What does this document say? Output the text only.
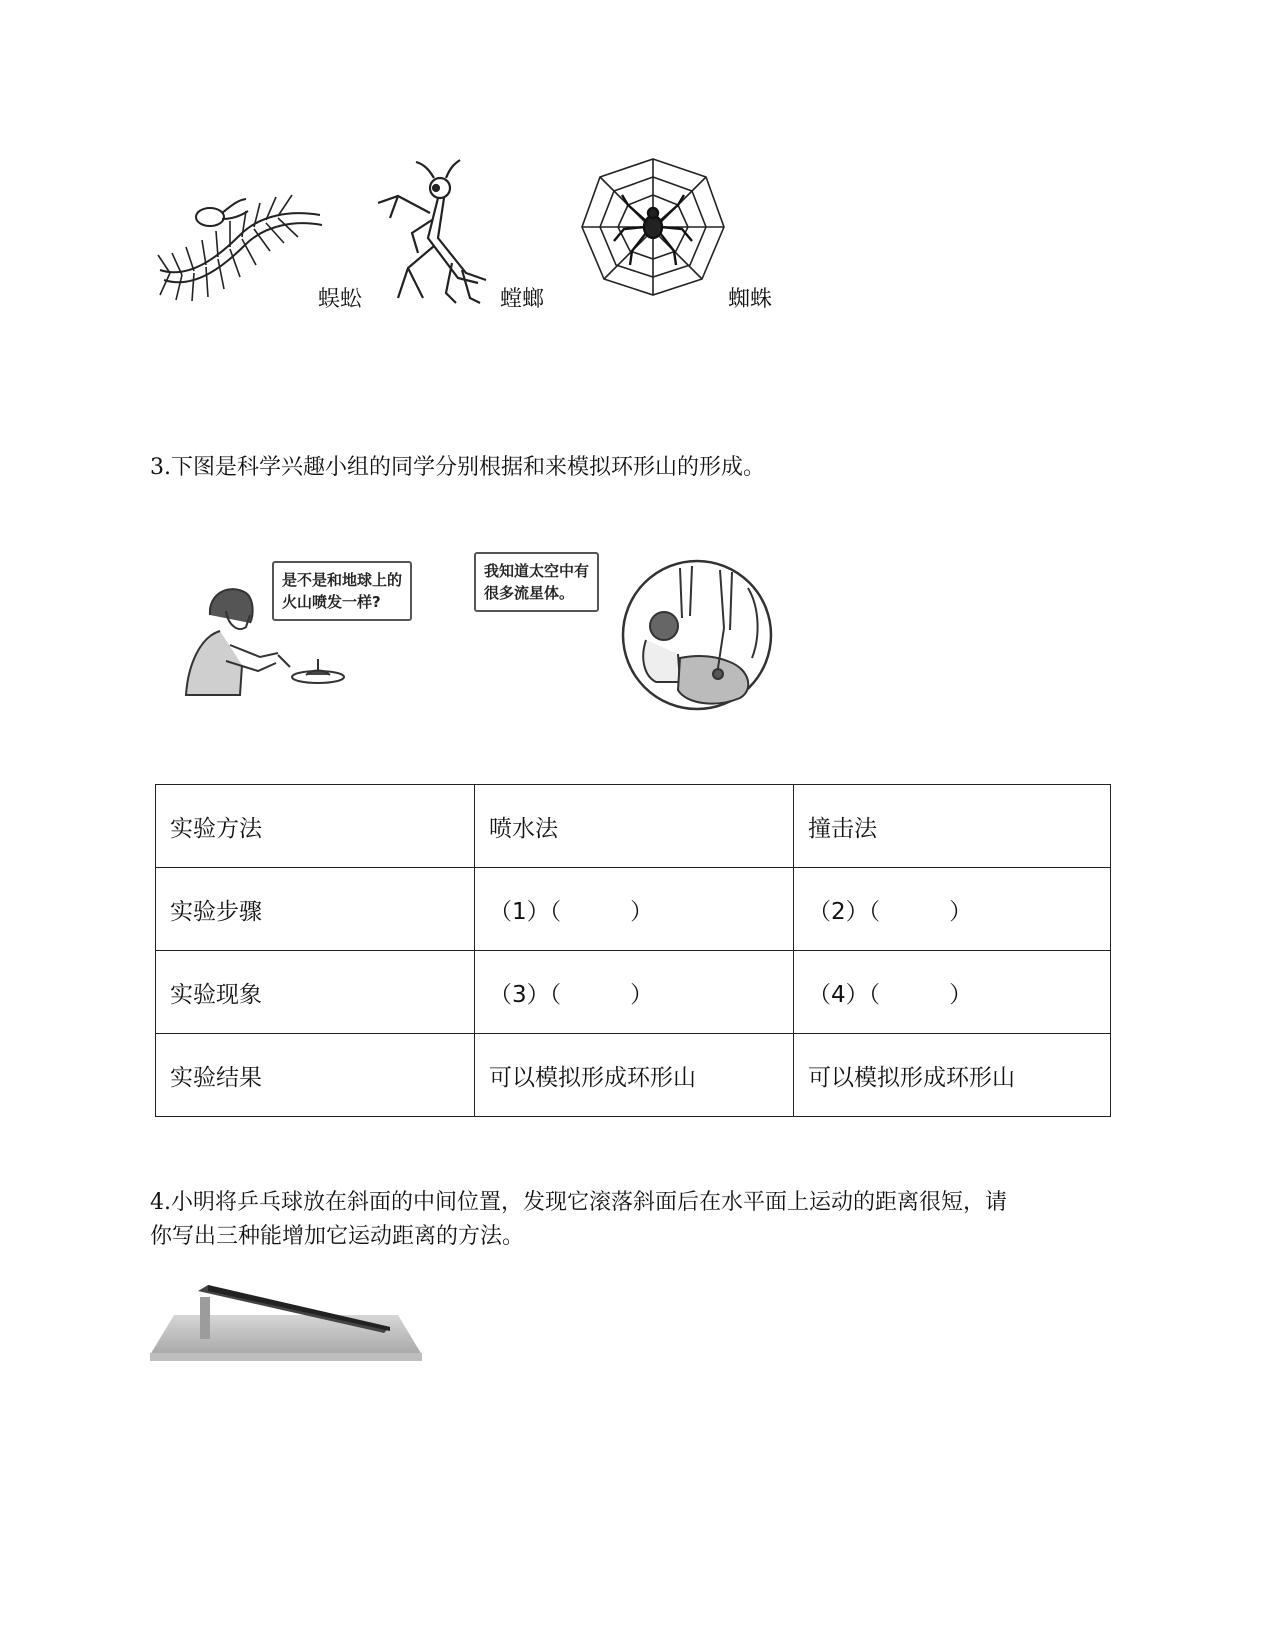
蜈蚣	螳螂	蜘蛛
3.下图是科学兴趣小组的同学分别根据和来模拟环形山的形成。
是不是和地球上的
火山喷发一样?
我知道太空中有
很多流星体。
实验方法	喷水法	撞击法
实验步骤	（1）（　　　）	（2）（　　　）
实验现象	（3）（　　　）	（4）（　　　）
实验结果	可以模拟形成环形山	可以模拟形成环形山
4.小明将乒乓球放在斜面的中间位置，发现它滚落斜面后在水平面上运动的距离很短，请
你写出三种能增加它运动距离的方法。
